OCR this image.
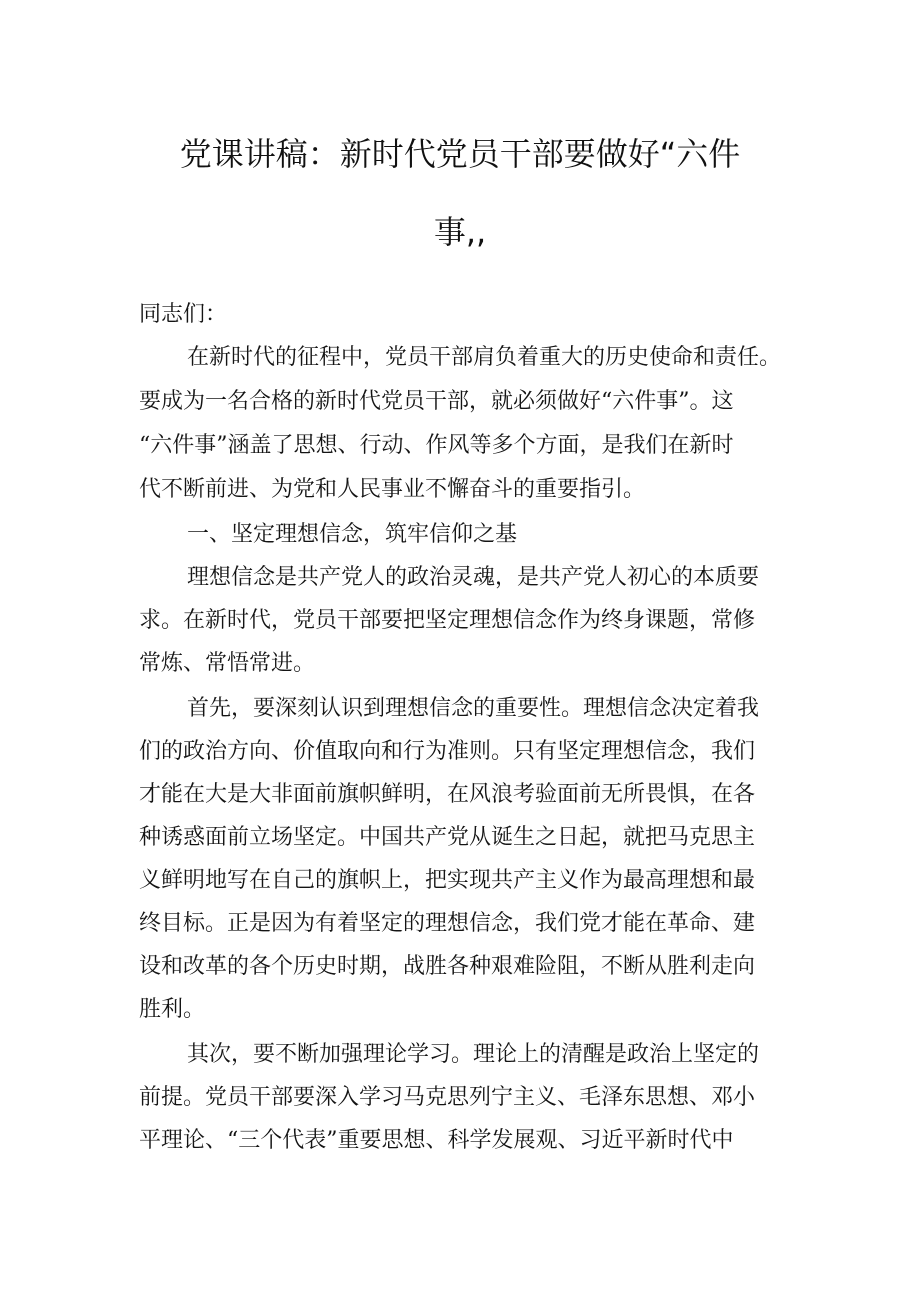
党课讲稿：新时代党员干部要做好“六件
事,,
同志们：
在新时代的征程中，党员干部肩负着重大的历史使命和责任。
要成为一名合格的新时代党员干部，就必须做好“六件事”。这
“六件事”涵盖了思想、行动、作风等多个方面，是我们在新时
代不断前进、为党和人民事业不懈奋斗的重要指引。
一、坚定理想信念，筑牢信仰之基
理想信念是共产党人的政治灵魂，是共产党人初心的本质要
求。在新时代，党员干部要把坚定理想信念作为终身课题，常修
常炼、常悟常进。
首先，要深刻认识到理想信念的重要性。理想信念决定着我
们的政治方向、价值取向和行为准则。只有坚定理想信念，我们
才能在大是大非面前旗帜鲜明，在风浪考验面前无所畏惧，在各
种诱惑面前立场坚定。中国共产党从诞生之日起，就把马克思主
义鲜明地写在自己的旗帜上，把实现共产主义作为最高理想和最
终目标。正是因为有着坚定的理想信念，我们党才能在革命、建
设和改革的各个历史时期，战胜各种艰难险阻，不断从胜利走向
胜利。
其次，要不断加强理论学习。理论上的清醒是政治上坚定的
前提。党员干部要深入学习马克思列宁主义、毛泽东思想、邓小
平理论、“三个代表”重要思想、科学发展观、习近平新时代中
